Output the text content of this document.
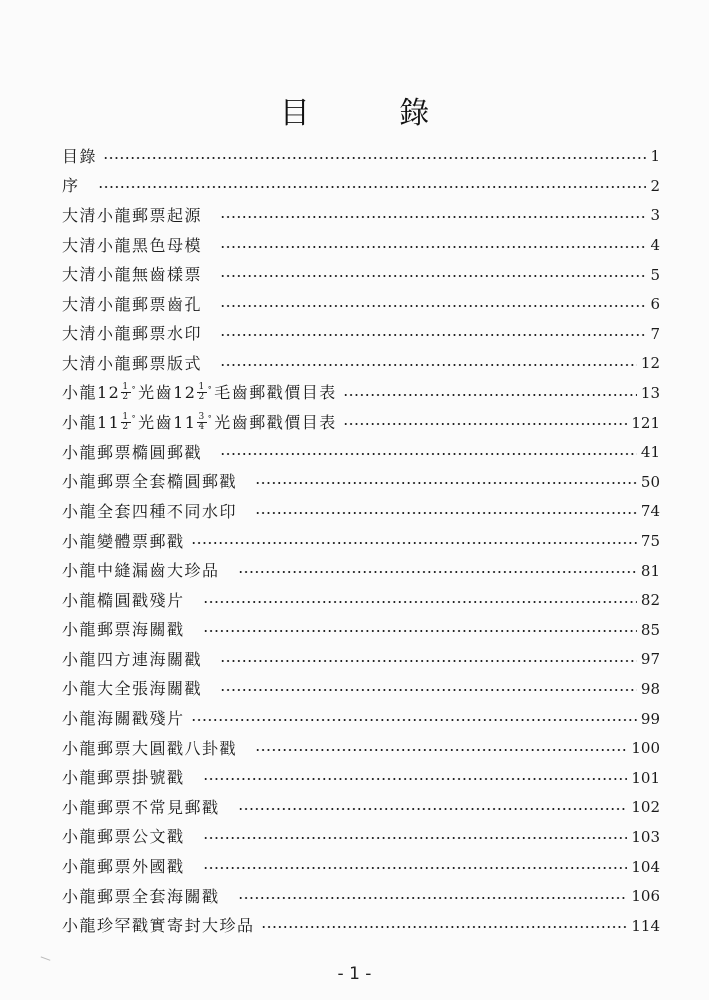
目 錄
目錄	1
序	2
大清小龍郵票起源	3
大清小龍黑色母模	4
大清小龍無齒樣票	5
大清小龍郵票齒孔	6
大清小龍郵票水印	7
大清小龍郵票版式	12
小龍$12 \frac{1}{2} ^\circ$光齒$12 \frac{1}{2} ^\circ$毛齒郵戳價目表	13
小龍$11 \frac{1}{2} ^\circ$光齒$11 \frac{3}{4} ^\circ$光齒郵戳價目表	121
小龍郵票橢圓郵戳	41
小龍郵票全套橢圓郵戳	50
小龍全套四種不同水印	74
小龍變體票郵戳	75
小龍中縫漏齒大珍品	81
小龍橢圓戳殘片	82
小龍郵票海關戳	85
小龍四方連海關戳	97
小龍大全張海關戳	98
小龍海關戳殘片	99
小龍郵票大圓戳八卦戳	100
小龍郵票掛號戳	101
小龍郵票不常見郵戳	102
小龍郵票公文戳	103
小龍郵票外國戳	104
小龍郵票全套海關戳	106
小龍珍罕戳實寄封大珍品	114
- 1 -
